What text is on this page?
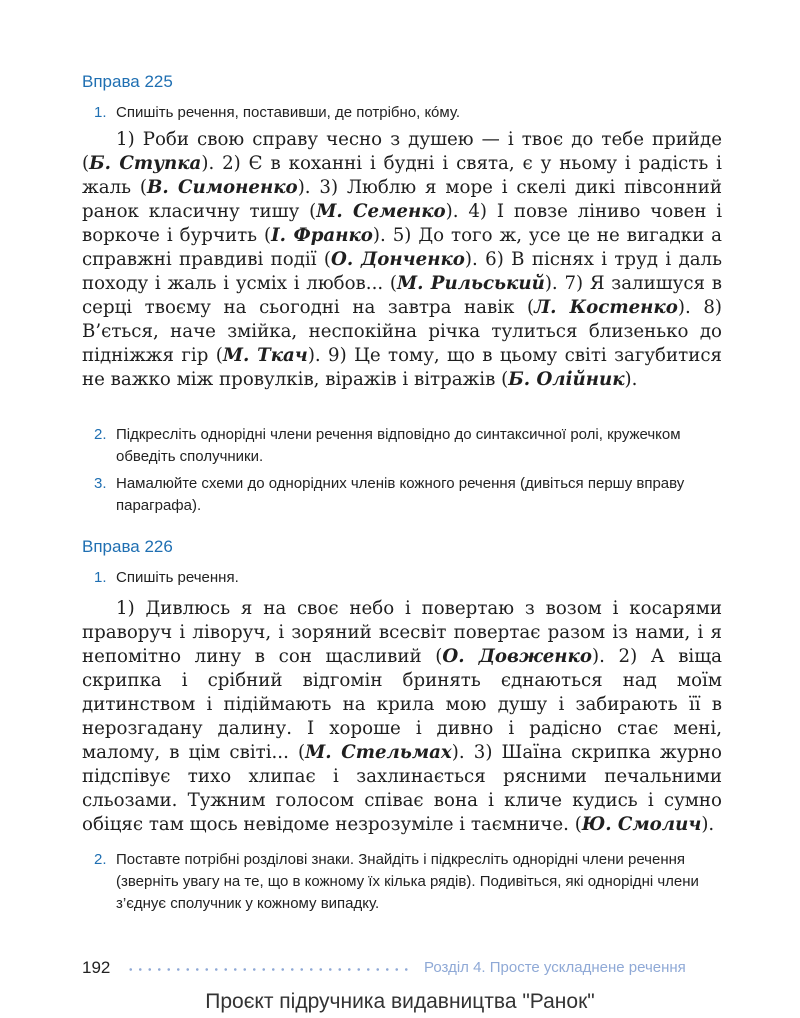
Вправа 225
1. Спишіть речення, поставивши, де потрібно, кóму.

1) Роби свою справу чесно з душею — і твоє до тебе прийде (Б. Ступка). 2) Є в коханні і будні і свята, є у ньому і радість і жаль (В. Симоненко). 3) Люблю я море і скелі дикі півсонний ранок класичну тишу (М. Семенко). 4) І повзе ліниво човен і воркоче і бурчить (І. Франко). 5) До того ж, усе це не вигадки а справжні правдиві події (О. Донченко). 6) В піснях і труд і даль походу і жаль і усміх і любов... (М. Рильський). 7) Я залишуся в серці твоєму на сьогодні на завтра навік (Л. Костенко). 8) В’ється, наче змійка, неспокійна річка тулиться близенько до підніжжя гір (М. Ткач). 9) Це тому, що в цьому світі загубитися не важко між провулків, віражів і вітражів (Б. Олійник).

2. Підкресліть однорідні члени речення відповідно до синтаксичної ролі, кружечком обведіть сполучники.
3. Намалюйте схеми до однорідних членів кожного речення (дивіться першу вправу параграфа).
Вправа 226
1. Спишіть речення.

1) Дивлюсь я на своє небо і повертаю з возом і косарями праворуч і ліворуч, і зоряний всесвіт повертає разом із нами, і я непомітно лину в сон щасливий (О. Довженко). 2) А віща скрипка і срібний відгомін бринять єднаються над моїм дитинством і підіймають на крила мою душу і забирають її в нерозгадану далину. І хороше і дивно і радісно стає мені, малому, в цім світі... (М. Стельмах). 3) Шаїна скрипка журно підспівує тихо хлипає і захлинається рясними печальними сльозами. Тужним голосом співає вона і кличе кудись і сумно обіцяє там щось невідоме незрозуміле і таємниче. (Ю. Смолич).

2. Поставте потрібні розділові знаки. Знайдіть і підкресліть однорідні члени речення (зверніть увагу на те, що в кожному їх кілька рядів). Подивіться, які однорідні члени з’єднує сполучник у кожному випадку.
192	Розділ 4. Просте ускладнене речення
Проєкт підручника видавництва "Ранок"
